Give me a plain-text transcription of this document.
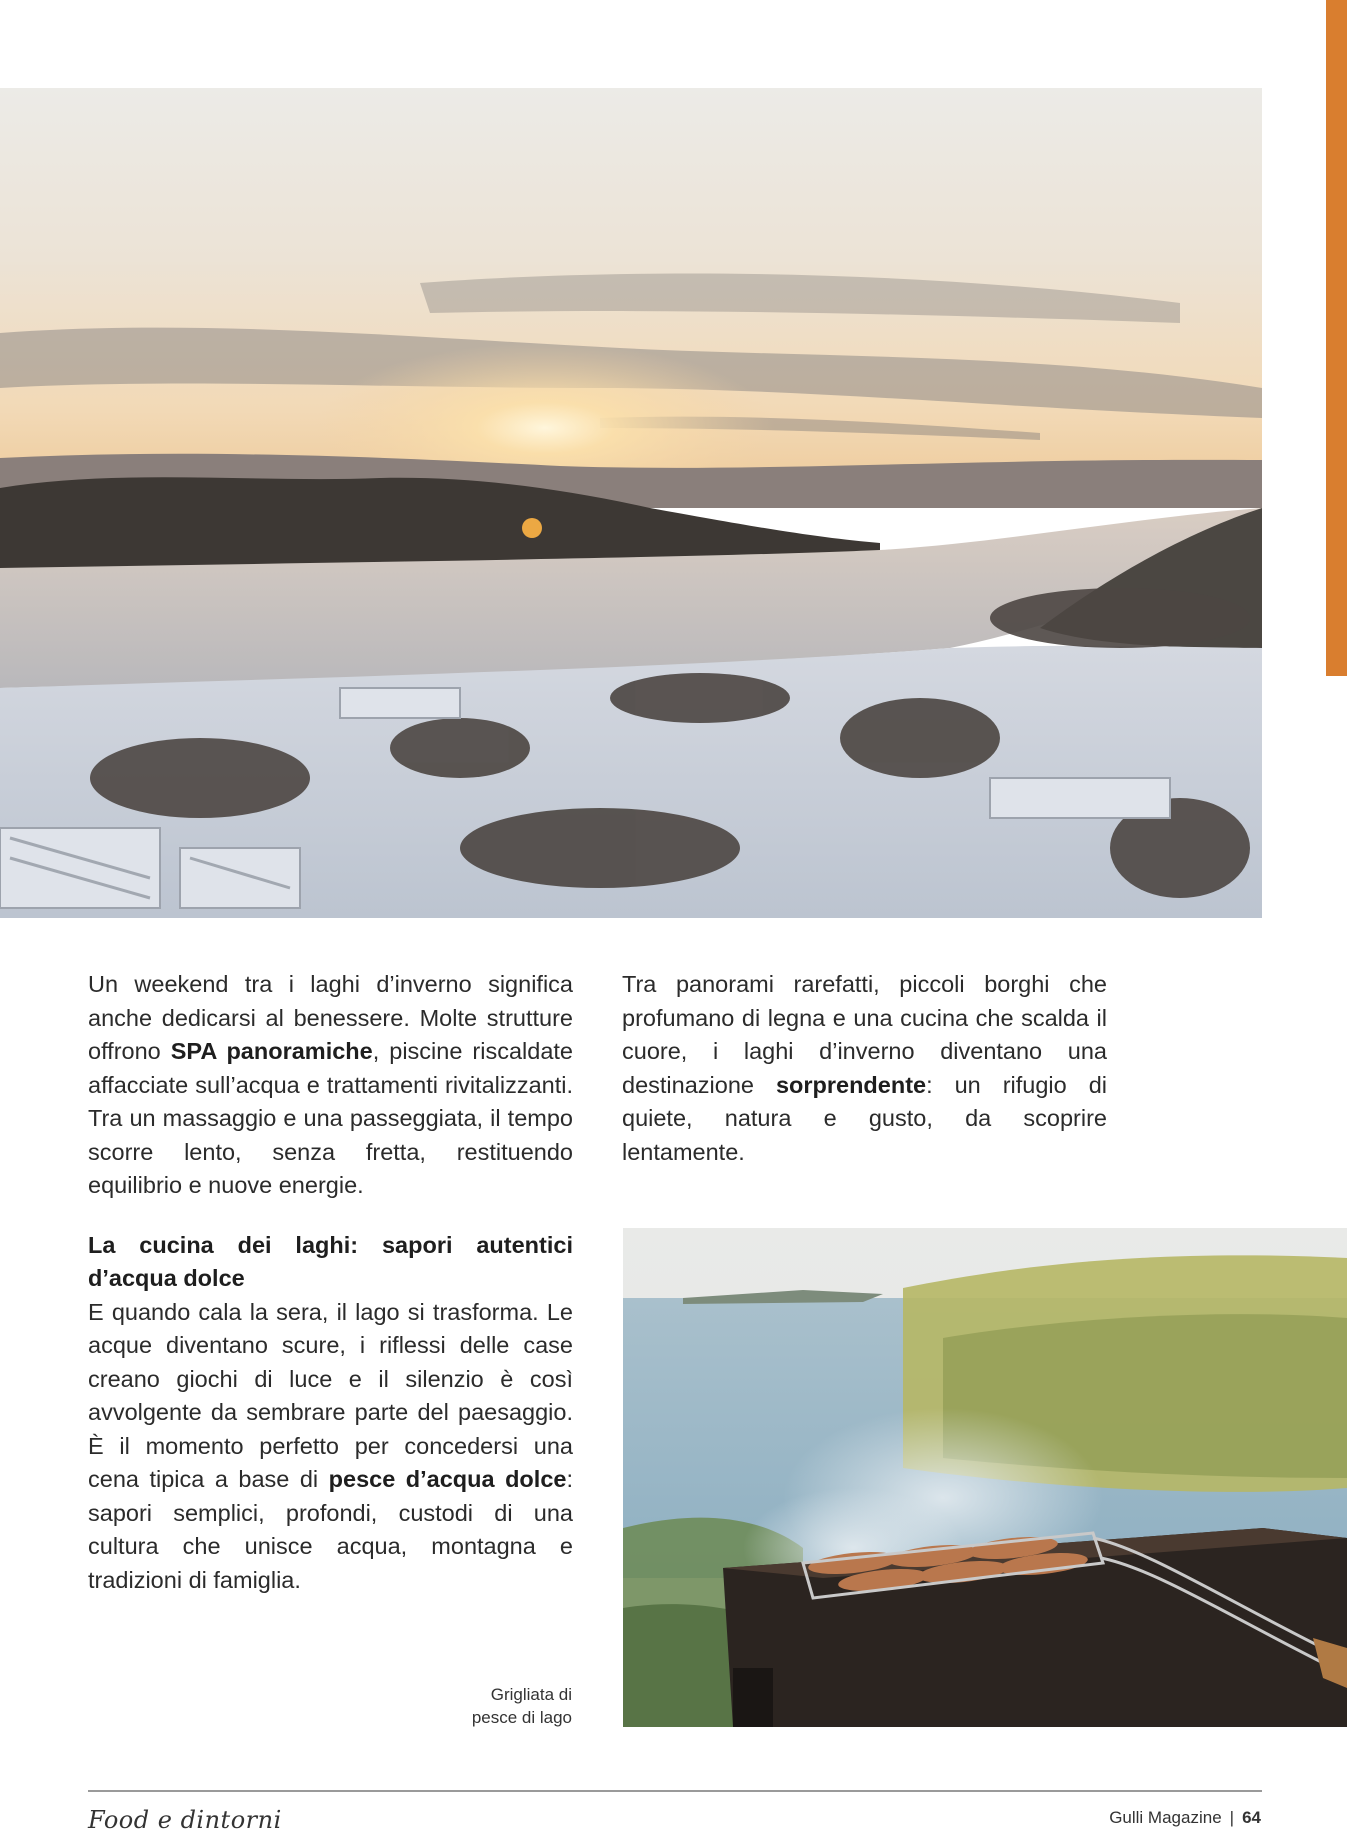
Un weekend tra i laghi d’inverno significa anche dedicarsi al benessere. Molte strutture offrono SPA panoramiche, piscine riscaldate affacciate sull’acqua e trattamenti rivitalizzanti. Tra un massaggio e una passeggiata, il tempo scorre lento, senza fretta, restituendo equilibrio e nuove energie.

La cucina dei laghi: sapori autentici d’acqua dolce

E quando cala la sera, il lago si trasforma. Le acque diventano scure, i riflessi delle case creano giochi di luce e il silenzio è così avvolgente da sembrare parte del paesaggio. È il momento perfetto per concedersi una cena tipica a base di pesce d’acqua dolce: sapori semplici, profondi, custodi di una cultura che unisce acqua, montagna e tradizioni di famiglia.

Tra panorami rarefatti, piccoli borghi che profumano di legna e una cucina che scalda il cuore, i laghi d’inverno diventano una destinazione sorprendente: un rifugio di quiete, natura e gusto, da scoprire lentamente.

Grigliata di
pesce di lago
Food e dintorni	Gulli Magazine | 64
